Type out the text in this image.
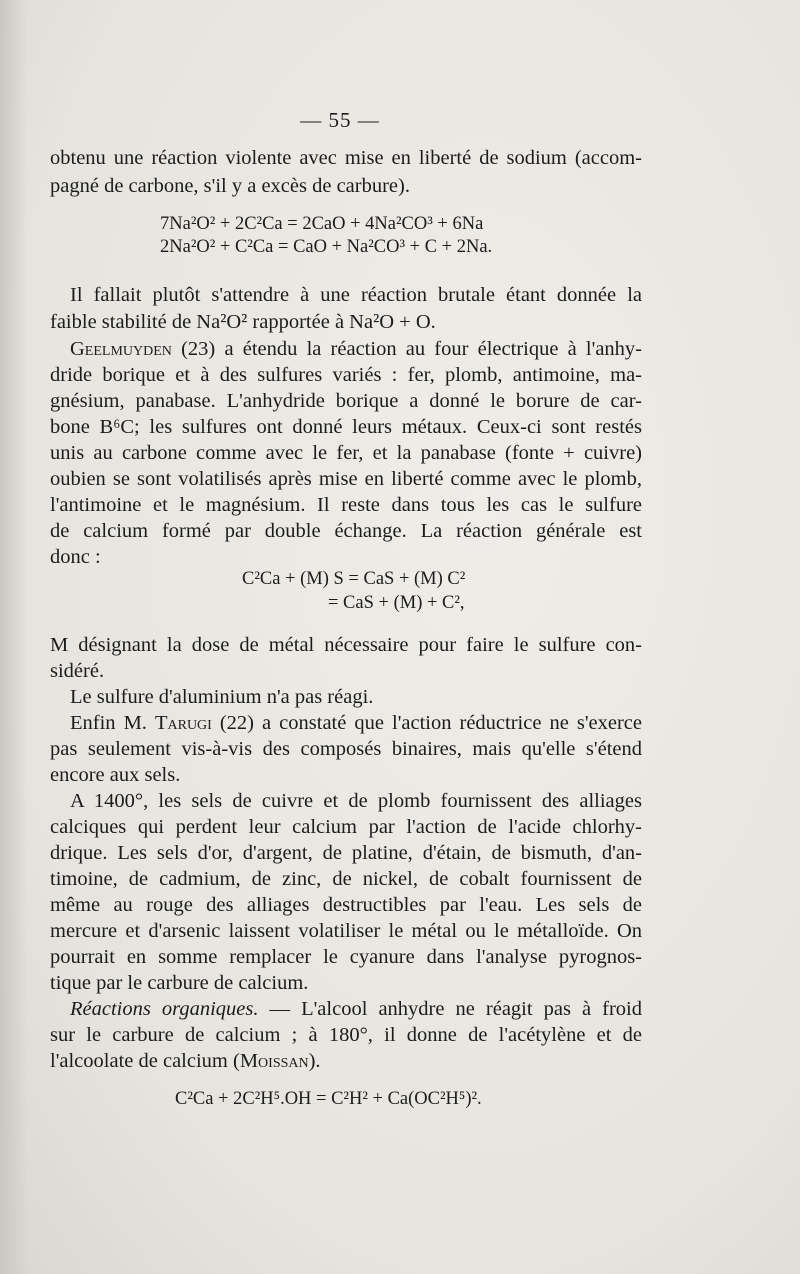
— 55 —
obtenu une réaction violente avec mise en liberté de sodium (accom-
pagné de carbone, s'il y a excès de carbure).
7Na²O² + 2C²Ca = 2CaO + 4Na²CO³ + 6Na
2Na²O² + C²Ca = CaO + Na²CO³ + C + 2Na.
Il fallait plutôt s'attendre à une réaction brutale étant donnée la
faible stabilité de Na²O² rapportée à Na²O + O.
Geelmuyden (23) a étendu la réaction au four électrique à l'anhy-
dride borique et à des sulfures variés : fer, plomb, antimoine, ma-
gnésium, panabase. L'anhydride borique a donné le borure de car-
bone B⁶C; les sulfures ont donné leurs métaux. Ceux-ci sont restés
unis au carbone comme avec le fer, et la panabase (fonte + cuivre)
oubien se sont volatilisés après mise en liberté comme avec le plomb,
l'antimoine et le magnésium. Il reste dans tous les cas le sulfure
de calcium formé par double échange. La réaction générale est
donc :
C²Ca + (M) S = CaS + (M) C²
= CaS + (M) + C²,
M désignant la dose de métal nécessaire pour faire le sulfure con-
sidéré.
Le sulfure d'aluminium n'a pas réagi.
Enfin M. Tarugi (22) a constaté que l'action réductrice ne s'exerce
pas seulement vis-à-vis des composés binaires, mais qu'elle s'étend
encore aux sels.
A 1400°, les sels de cuivre et de plomb fournissent des alliages
calciques qui perdent leur calcium par l'action de l'acide chlorhy-
drique. Les sels d'or, d'argent, de platine, d'étain, de bismuth, d'an-
timoine, de cadmium, de zinc, de nickel, de cobalt fournissent de
même au rouge des alliages destructibles par l'eau. Les sels de
mercure et d'arsenic laissent volatiliser le métal ou le métalloïde. On
pourrait en somme remplacer le cyanure dans l'analyse pyrognos-
tique par le carbure de calcium.
Réactions organiques. — L'alcool anhydre ne réagit pas à froid
sur le carbure de calcium ; à 180°, il donne de l'acétylène et de
l'alcoolate de calcium (Moissan).
C²Ca + 2C²H⁵.OH = C²H² + Ca(OC²H⁵)².
